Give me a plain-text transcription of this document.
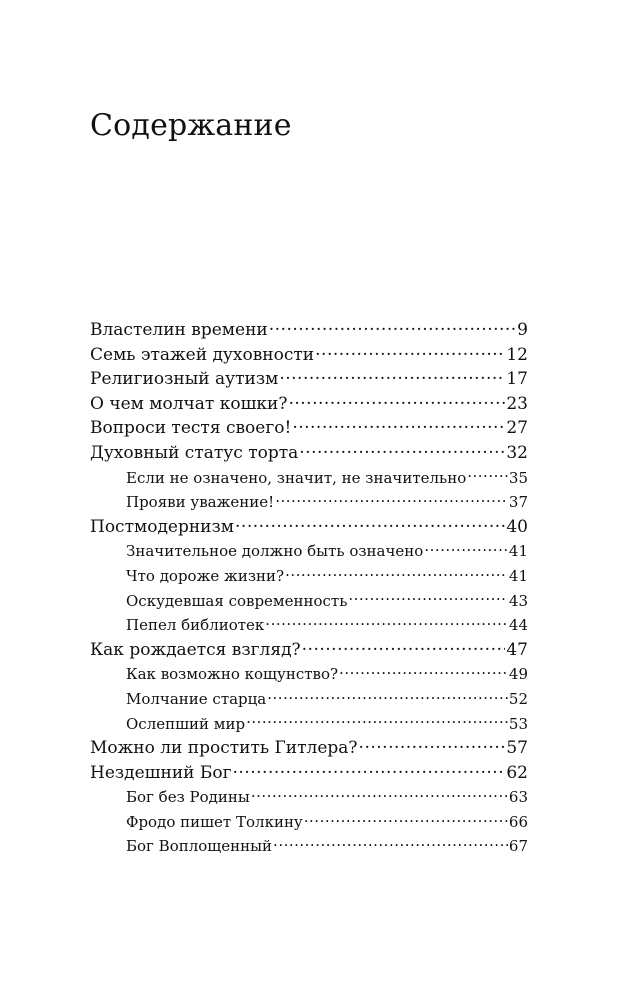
Содержание
Властелин времени .....	9
Семь этажей духовности .....	12
Религиозный аутизм .....	17
О чем молчат кошки? .....	23
Вопроси тестя своего! .....	27
Духовный статус торта .....	32
Если не означено, значит, не значительно .....	35
Прояви уважение! .....	37
Постмодернизм .....	40
Значительное должно быть означено .....	41
Что дороже жизни? .....	41
Оскудевшая современность .....	43
Пепел библиотек .....	44
Как рождается взгляд? .....	47
Как возможно кощунство? .....	49
Молчание старца .....	52
Ослепший мир .....	53
Можно ли простить Гитлера? .....	57
Нездешний Бог .....	62
Бог без Родины .....	63
Фродо пишет Толкину .....	66
Бог Воплощенный .....	67
